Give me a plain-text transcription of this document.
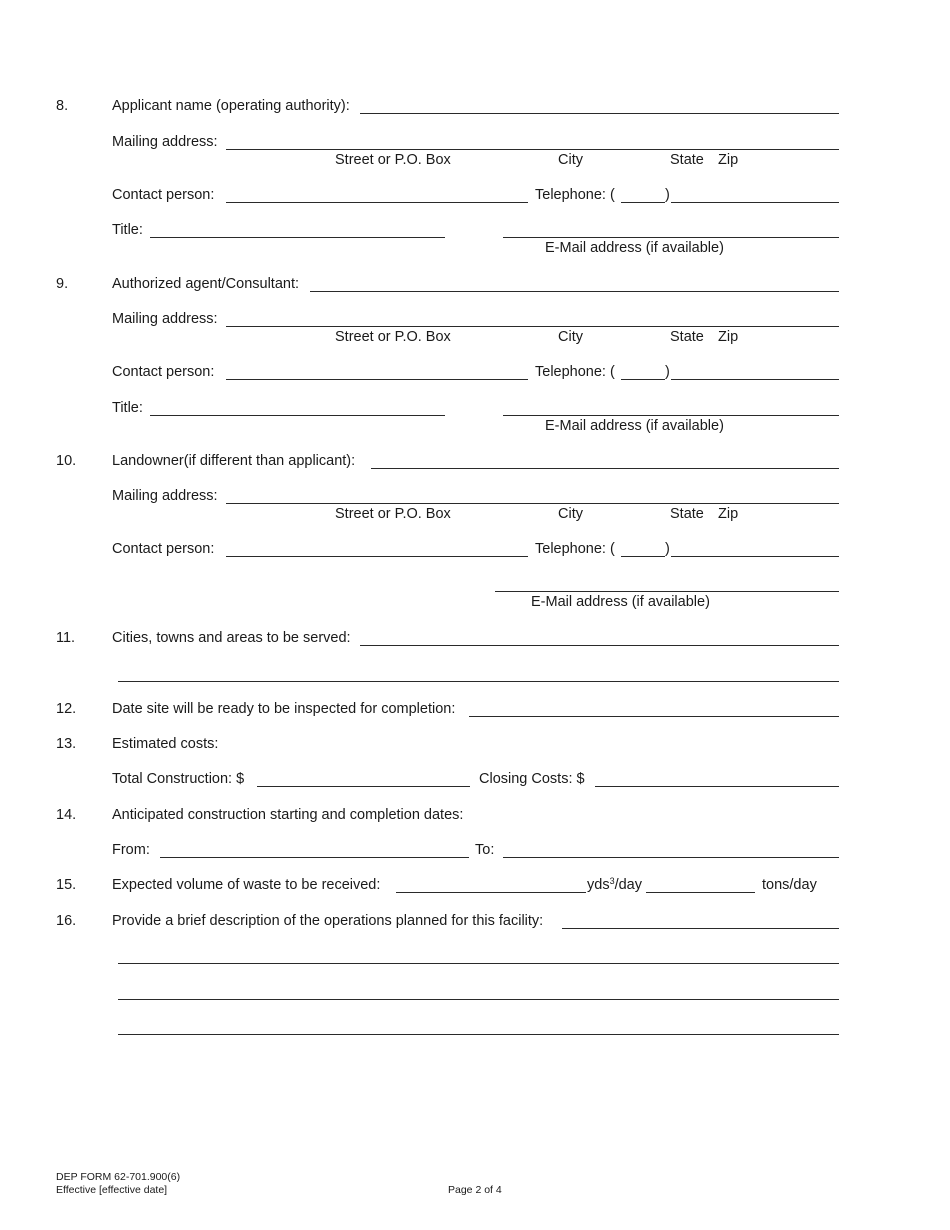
8.	Applicant name (operating authority):
Mailing address:
Street or P.O. Box	City	State Zip
Contact person:	Telephone: (	)
Title:
E-Mail address (if available)
9.	Authorized agent/Consultant:
Mailing address:
Street or P.O. Box	City	State Zip
Contact person:	Telephone: (	)
Title:
E-Mail address (if available)
10. Landowner(if different than applicant):
Mailing address:
Street or P.O. Box	City	State Zip
Contact person:	Telephone: (	)
E-Mail address (if available)
11.	Cities, towns and areas to be served:
12. Date site will be ready to be inspected for completion:
13. Estimated costs:
Total Construction: $	Closing Costs: $
14. Anticipated construction starting and completion dates:
From:	To:
15. Expected volume of waste to be received:	yds$^3$/day	tons/day
16. Provide a brief description of the operations planned for this facility:
DEP FORM 62-701.900(6)
Effective [effective date]	Page 2 of 4
